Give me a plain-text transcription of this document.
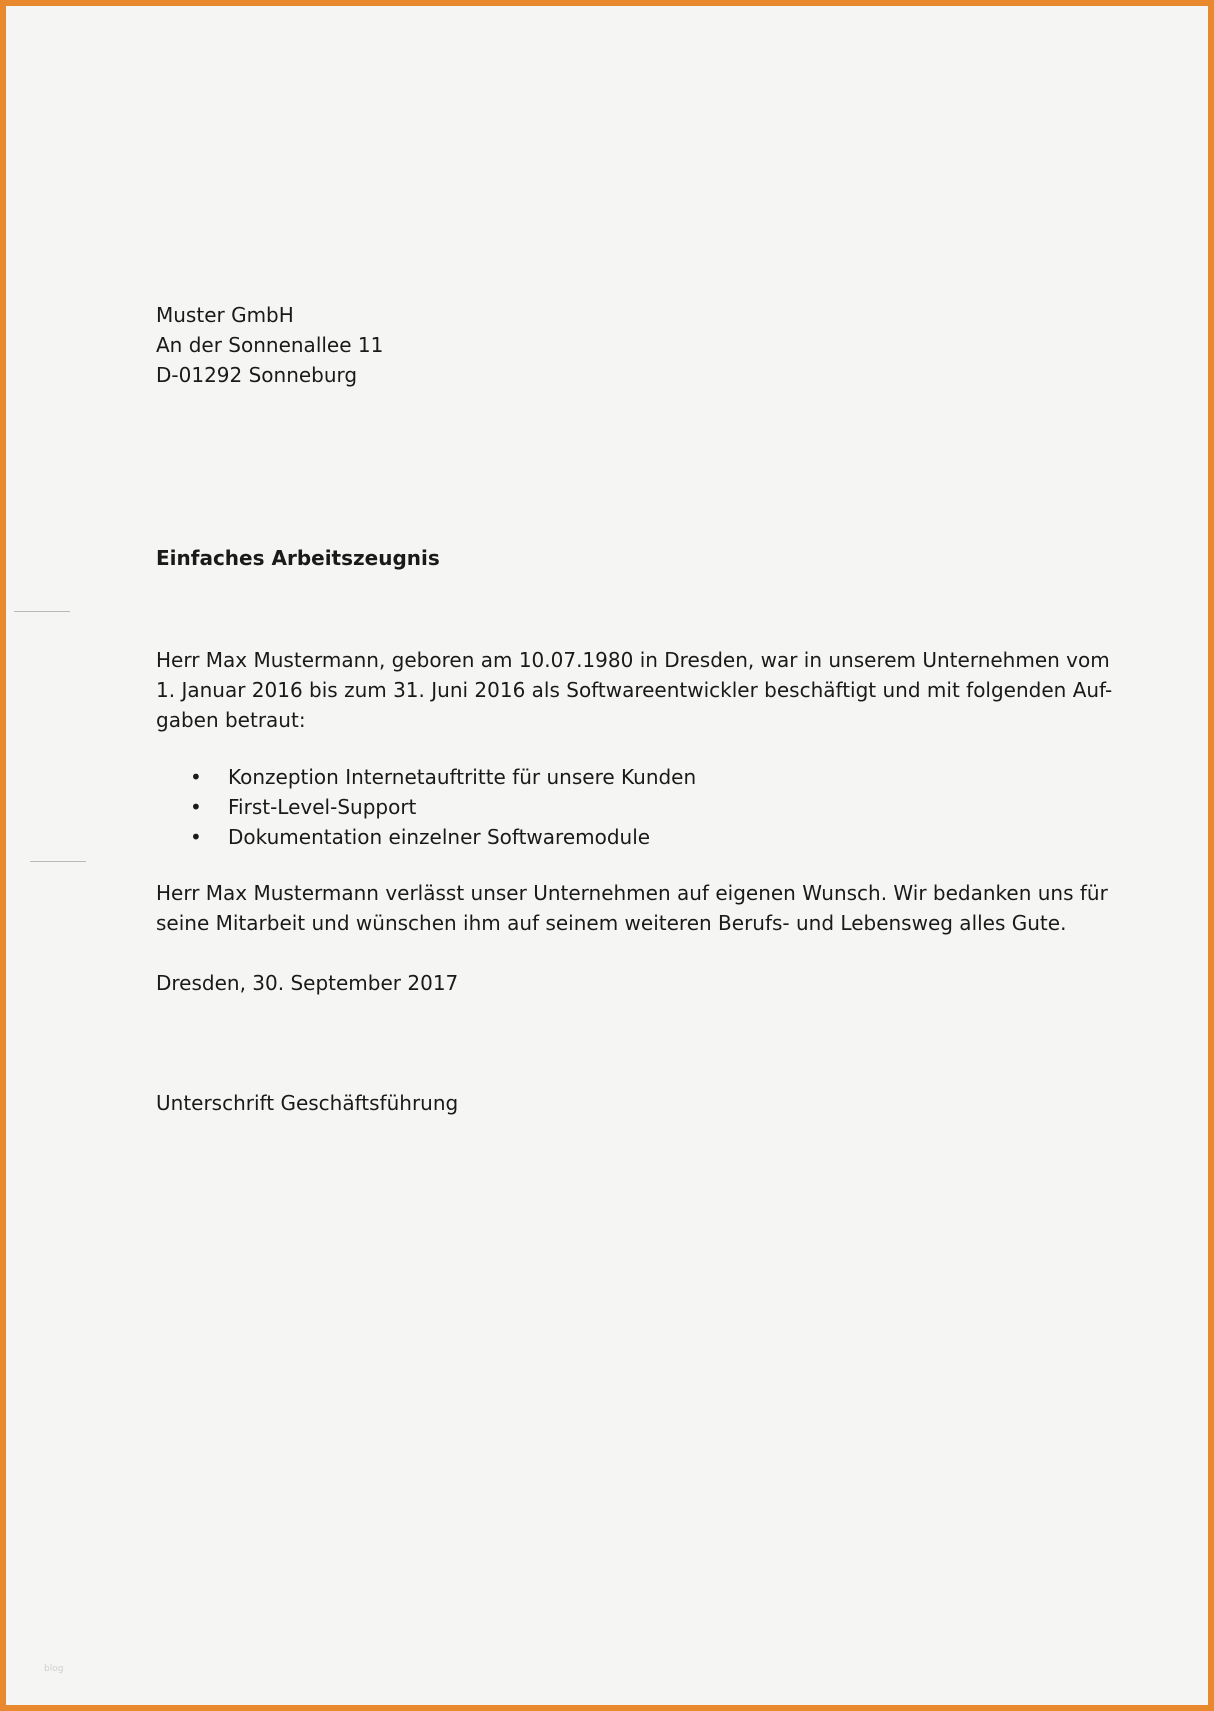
Muster GmbH
An der Sonnenallee 11
D-01292 Sonneburg
Einfaches Arbeitszeugnis
Herr Max Mustermann, geboren am 10.07.1980 in Dresden, war in unserem Unternehmen vom
1. Januar 2016 bis zum 31. Juni 2016 als Softwareentwickler beschäftigt und mit folgenden Auf-
gaben betraut:
• Konzeption Internetauftritte für unsere Kunden
• First-Level-Support
• Dokumentation einzelner Softwaremodule
Herr Max Mustermann verlässt unser Unternehmen auf eigenen Wunsch. Wir bedanken uns für
seine Mitarbeit und wünschen ihm auf seinem weiteren Berufs- und Lebensweg alles Gute.
Dresden, 30. September 2017
Unterschrift Geschäftsführung
blog
